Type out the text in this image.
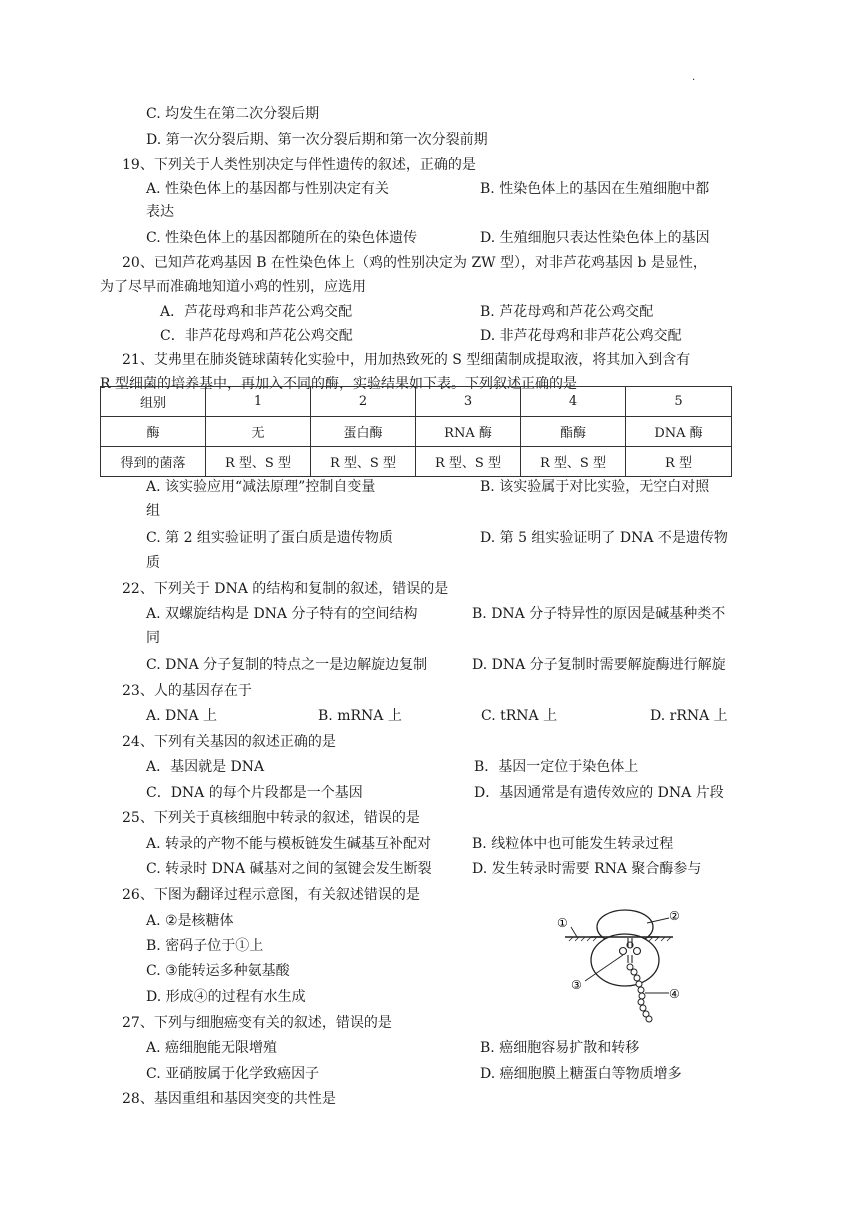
.
C. 均发生在第二次分裂后期
D. 第一次分裂后期、第一次分裂后期和第一次分裂前期
19、下列关于人类性别决定与伴性遗传的叙述，正确的是
A. 性染色体上的基因都与性别决定有关	B. 性染色体上的基因在生殖细胞中都
表达
C. 性染色体上的基因都随所在的染色体遗传	D. 生殖细胞只表达性染色体上的基因
20、已知芦花鸡基因 B 在性染色体上（鸡的性别决定为 ZW 型），对非芦花鸡基因 b 是显性，
为了尽早而准确地知道小鸡的性别，应选用
A．芦花母鸡和非芦花公鸡交配	B. 芦花母鸡和芦花公鸡交配
C．非芦花母鸡和芦花公鸡交配	D. 非芦花母鸡和非芦花公鸡交配
21、艾弗里在肺炎链球菌转化实验中，用加热致死的 S 型细菌制成提取液，将其加入到含有
R 型细菌的培养基中，再加入不同的酶，实验结果如下表。下列叙述正确的是
组别	1	2	3	4	5
酶	无	蛋白酶	RNA 酶	酯酶	DNA 酶
得到的菌落	R 型、S 型	R 型、S 型	R 型、S 型	R 型、S 型	R 型
A. 该实验应用“减法原理”控制自变量	B. 该实验属于对比实验，无空白对照
组
C. 第 2 组实验证明了蛋白质是遗传物质	D. 第 5 组实验证明了 DNA 不是遗传物
质
22、下列关于 DNA 的结构和复制的叙述，错误的是
A. 双螺旋结构是 DNA 分子特有的空间结构	B. DNA 分子特异性的原因是碱基种类不
同
C. DNA 分子复制的特点之一是边解旋边复制	D. DNA 分子复制时需要解旋酶进行解旋
23、人的基因存在于
A. DNA 上	B. mRNA 上	C. tRNA 上	D. rRNA 上
24、下列有关基因的叙述正确的是
A．基因就是 DNA	B．基因一定位于染色体上
C．DNA 的每个片段都是一个基因	D．基因通常是有遗传效应的 DNA 片段
25、下列关于真核细胞中转录的叙述，错误的是
A. 转录的产物不能与模板链发生碱基互补配对	B. 线粒体中也可能发生转录过程
C. 转录时 DNA 碱基对之间的氢键会发生断裂	D. 发生转录时需要 RNA 聚合酶参与
26、下图为翻译过程示意图，有关叙述错误的是
A. ②是核糖体
B. 密码子位于①上
C. ③能转运多种氨基酸
D. 形成④的过程有水生成
①	②
③
④
27、下列与细胞癌变有关的叙述，错误的是
A. 癌细胞能无限增殖	B. 癌细胞容易扩散和转移
C. 亚硝胺属于化学致癌因子	D. 癌细胞膜上糖蛋白等物质增多
28、基因重组和基因突变的共性是
